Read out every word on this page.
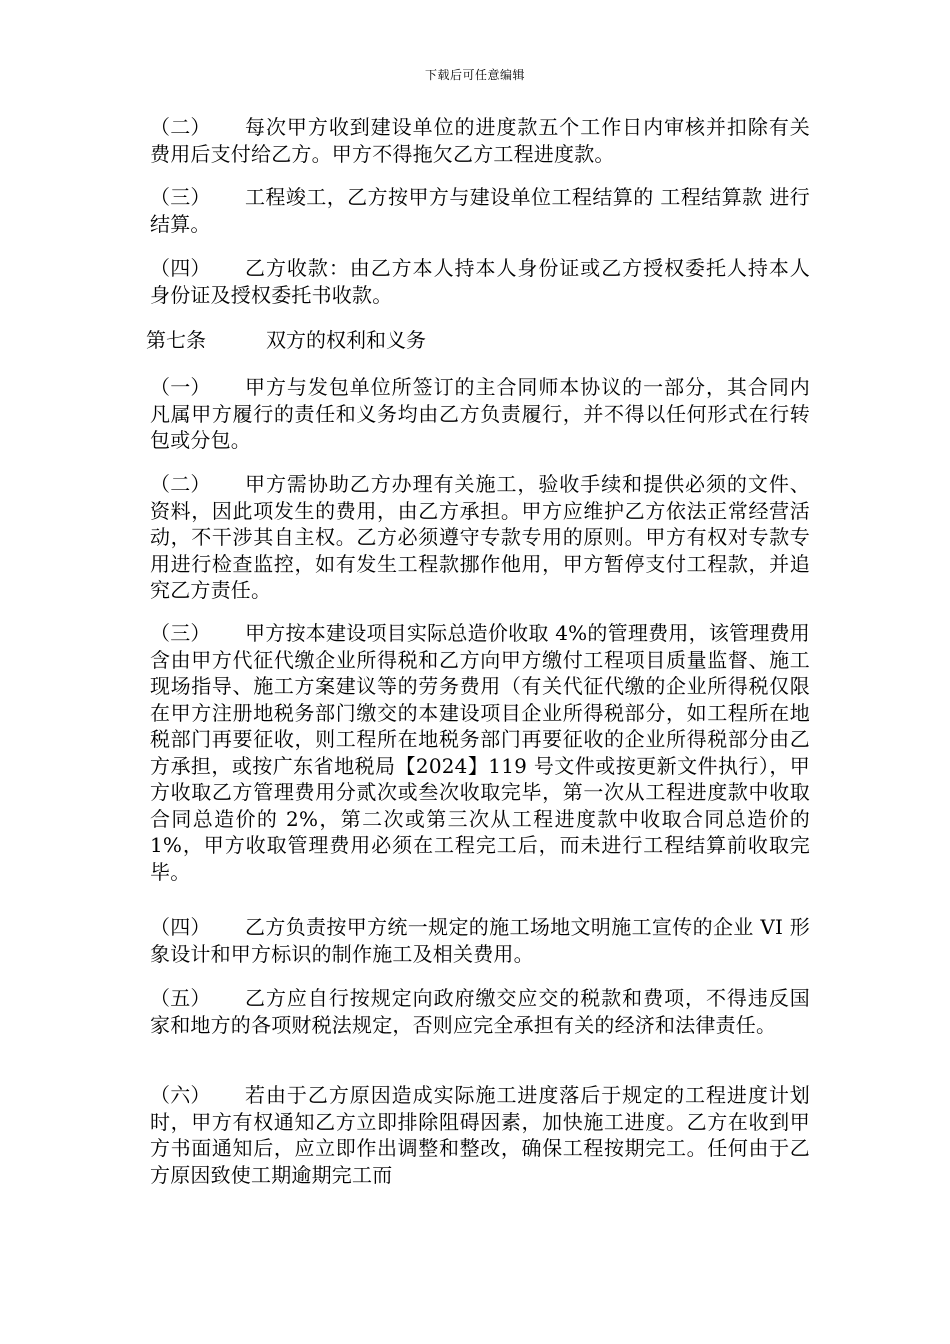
下载后可任意编辑
（二）	每次甲方收到建设单位的进度款五个工作日内审核并扣除有关费用后支付给乙方。甲方不得拖欠乙方工程进度款。
（三）	工程竣工，乙方按甲方与建设单位工程结算的 工程结算款 进行结算。
（四）	乙方收款：由乙方本人持本人身份证或乙方授权委托人持本人身份证及授权委托书收款。
第七条	双方的权利和义务
（一）	甲方与发包单位所签订的主合同师本协议的一部分，其合同内凡属甲方履行的责任和义务均由乙方负责履行，并不得以任何形式在行转包或分包。
（二）	甲方需协助乙方办理有关施工，验收手续和提供必须的文件、资料，因此项发生的费用，由乙方承担。甲方应维护乙方依法正常经营活动，不干涉其自主权。乙方必须遵守专款专用的原则。甲方有权对专款专用进行检查监控，如有发生工程款挪作他用，甲方暂停支付工程款，并追究乙方责任。
（三）	甲方按本建设项目实际总造价收取 4%的管理费用，该管理费用含由甲方代征代缴企业所得税和乙方向甲方缴付工程项目质量监督、施工现场指导、施工方案建议等的劳务费用（有关代征代缴的企业所得税仅限在甲方注册地税务部门缴交的本建设项目企业所得税部分，如工程所在地税部门再要征收，则工程所在地税务部门再要征收的企业所得税部分由乙方承担，或按广东省地税局【2024】119 号文件或按更新文件执行），甲方收取乙方管理费用分贰次或叁次收取完毕，第一次从工程进度款中收取合同总造价的 2%，第二次或第三次从工程进度款中收取合同总造价的 1%，甲方收取管理费用必须在工程完工后，而未进行工程结算前收取完毕。
（四）	乙方负责按甲方统一规定的施工场地文明施工宣传的企业 VI 形象设计和甲方标识的制作施工及相关费用。
（五）	乙方应自行按规定向政府缴交应交的税款和费项，不得违反国家和地方的各项财税法规定，否则应完全承担有关的经济和法律责任。
（六）	若由于乙方原因造成实际施工进度落后于规定的工程进度计划时，甲方有权通知乙方立即排除阻碍因素，加快施工进度。乙方在收到甲方书面通知后，应立即作出调整和整改，确保工程按期完工。任何由于乙方原因致使工期逾期完工而
